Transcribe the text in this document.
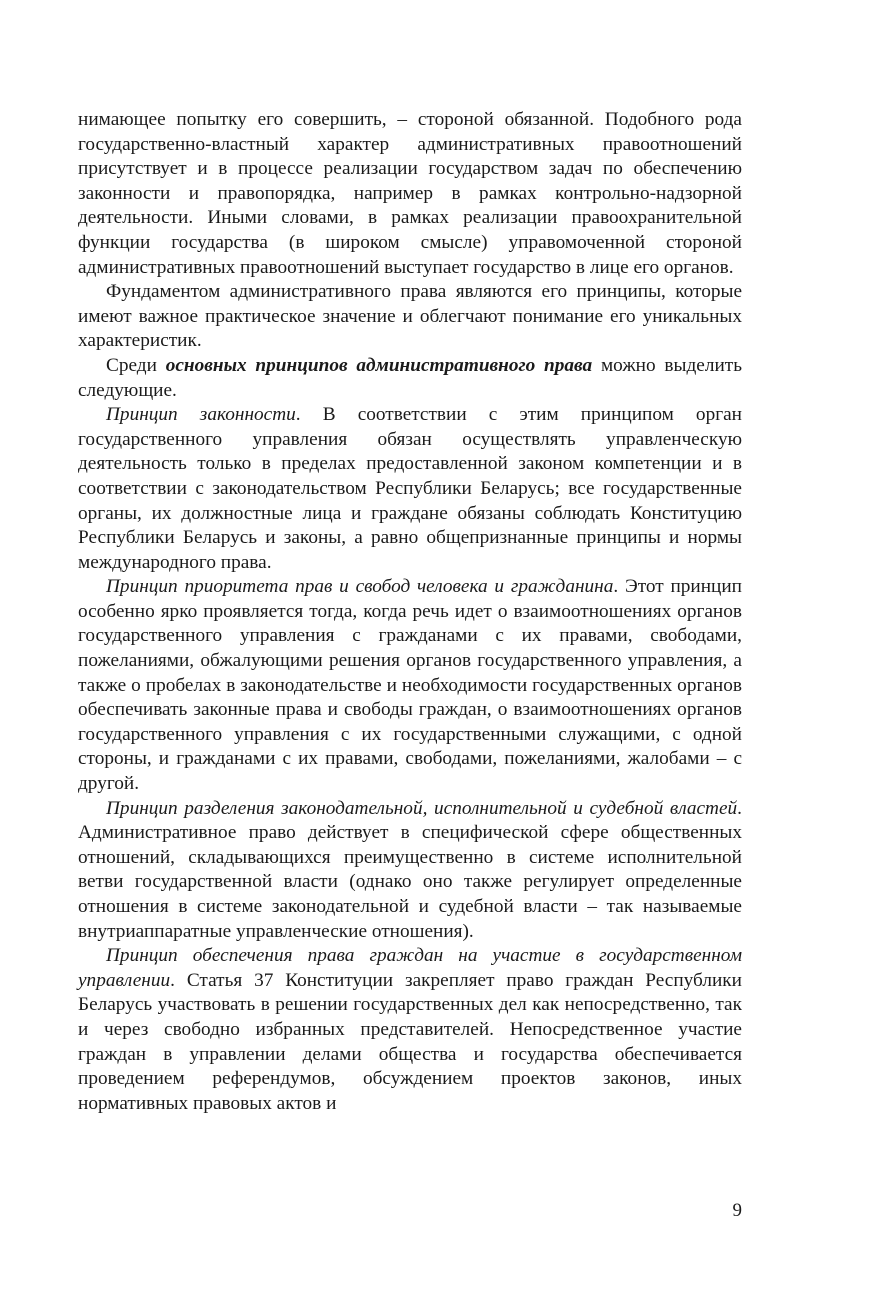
нимающее попытку его совершить, – стороной обязанной. Подобного рода государственно-властный характер административных правоотношений присутствует и в процессе реализации государством задач по обеспечению законности и правопорядка, например в рамках контрольно-надзорной деятельности. Иными словами, в рамках реализации правоохранительной функции государства (в широком смысле) управомоченной стороной административных правоотношений выступает государство в лице его органов.

Фундаментом административного права являются его принципы, которые имеют важное практическое значение и облегчают понимание его уникальных характеристик.

Среди основных принципов административного права можно выделить следующие.

Принцип законности. В соответствии с этим принципом орган государственного управления обязан осуществлять управленческую деятельность только в пределах предоставленной законом компетенции и в соответствии с законодательством Республики Беларусь; все государственные органы, их должностные лица и граждане обязаны соблюдать Конституцию Республики Беларусь и законы, а равно общепризнанные принципы и нормы международного права.

Принцип приоритета прав и свобод человека и гражданина. Этот принцип особенно ярко проявляется тогда, когда речь идет о взаимоотношениях органов государственного управления с гражданами с их правами, свободами, пожеланиями, обжалующими решения органов государственного управления, а также о пробелах в законодательстве и необходимости государственных органов обеспечивать законные права и свободы граждан, о взаимоотношениях органов государственного управления с их государственными служащими, с одной стороны, и гражданами с их правами, свободами, пожеланиями, жалобами – с другой.

Принцип разделения законодательной, исполнительной и судебной властей. Административное право действует в специфической сфере общественных отношений, складывающихся преимущественно в системе исполнительной ветви государственной власти (однако оно также регулирует определенные отношения в системе законодательной и судебной власти – так называемые внутриаппаратные управленческие отношения).

Принцип обеспечения права граждан на участие в государственном управлении. Статья 37 Конституции закрепляет право граждан Республики Беларусь участвовать в решении государственных дел как непосредственно, так и через свободно избранных представителей. Непосредственное участие граждан в управлении делами общества и государства обеспечивается проведением референдумов, обсуждением проектов законов, иных нормативных правовых актов и

9
